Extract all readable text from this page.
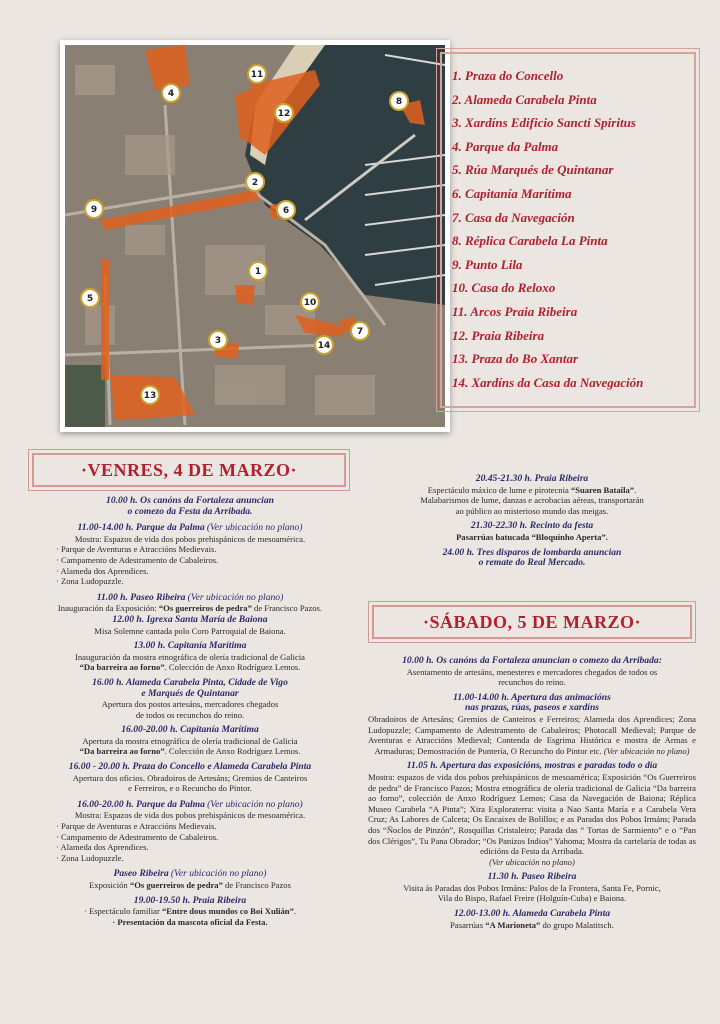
1
2
3
4
5
6
7
8
9
10
11
12
13
14
1. Praza do Concello
2. Alameda Carabela Pinta
3. Xardíns Edificio Sancti Spiritus
4. Parque da Palma
5. Rúa Marqués de Quintanar
6. Capitanía Marítima
7. Casa da Navegación
8. Réplica Carabela La Pinta
9. Punto Lila
10. Casa do Reloxo
11. Arcos Praia Ribeira
12. Praia Ribeira
13. Praza do Bo Xantar
14. Xardíns da Casa da Navegación
·VENRES, 4 DE MARZO·
10.00 h. Os canóns da Fortaleza anuncian
o comezo da Festa da Arribada.
11.00-14.00 h. Parque da Palma (Ver ubicación no plano)
Mostra: Espazos de vida dos pobos prehispánicos de mesoamérica.
· Parque de Aventuras e Atraccións Medievais.
· Campamento de Adestramento de Cabaleiros.
· Alameda dos Aprendices.
· Zona Ludopuzzle.
11.00 h. Paseo Ribeira (Ver ubicación no plano)
Inauguración da Exposición: “Os guerreiros de pedra” de Francisco Pazos.
12.00 h. Igrexa Santa María de Baiona
Misa Solemne cantada polo Coro Parroquial de Baiona.
13.00 h. Capitanía Marítima
Inauguración da mostra etnográfica de olería tradicional de Galicia
“Da barreira ao forno”. Colección de Anxo Rodríguez Lemos.
16.00 h. Alameda Carabela Pinta, Cidade de Vigo
e Marqués de Quintanar
Apertura dos postos artesáns, mercadores chegados
de todos os recunchos do reino.
16.00-20.00 h. Capitanía Marítima
Apertura da mostra etnográfica de olería tradicional de Galicia
“Da barreira ao forno”. Colección de Anxo Rodríguez Lemos.
16.00 - 20.00 h. Praza do Concello e Alameda Carabela Pinta
Apertura dos oficios. Obradoiros de Artesáns; Gremios de Canteiros
e Ferreiros, e o Recuncho do Pintor.
16.00-20.00 h. Parque da Palma (Ver ubicación no plano)
Mostra: Espazos de vida dos pobos prehispánicos de mesoamérica.
· Parque de Aventuras e Atraccións Medievais.
· Campamento de Adestramento de Cabaleiros.
· Alameda dos Aprendices.
· Zona Ludopuzzle.
Paseo Ribeira (Ver ubicación no plano)
Exposición “Os guerreiros de pedra” de Francisco Pazos
19.00-19.50 h. Praia Ribeira
· Espectáculo familiar “Entre dous mundos co Boi Xulián”.
· Presentación da mascota oficial da Festa.
20.45-21.30 h. Praia Ribeira
Espectáculo máxico de lume e pirotecnia “Suaren Bataila”.
Malabarismos de lume, danzas e acrobacias aéreas, transportarán
ao público ao misterioso mundo das meigas.
21.30-22.30 h. Recinto da festa
Pasarrúas batucada “Bloquinho Aperta”.
24.00 h. Tres disparos de lombarda anuncian
o remate do Real Mercado.
·SÁBADO, 5 DE MARZO·
10.00 h. Os canóns da Fortaleza anuncian o comezo da Arribada:
Asentamento de artesáns, menesteres e mercadores chegados de todos os recunchos do reino.
11.00-14.00 h. Apertura das animacións
nas prazas, rúas, paseos e xardíns
Obradoiros de Artesáns; Gremios de Canteiros e Ferreiros; Alameda dos Aprendices; Zona Ludopuzzle; Campamento de Adestramento de Cabaleiros; Photocall Medieval; Parque de Aventuras e Atraccións Medieval; Contenda de Esgrima Histórica e mostra de Armas e Armaduras; Demostración de Puntería, O Recuncho do Pintor etc. (Ver ubicación no plano)
11.05 h. Apertura das exposicións, mostras e paradas todo o día
Mostra: espazos de vida dos pobos prehispánicos de mesoamérica; Exposición “Os Guerreiros de pedra” de Francisco Pazos; Mostra etnográfica de olería tradicional de Galicia “Da barreira ao forno”, colección de Anxo Rodríguez Lemos; Casa da Navegación de Baiona; Réplica Museo Carabela “A Pinta”; Xira Exploraterra: visita a Nao Santa María e a Carabela Vera Cruz; As Labores de Calceta; Os Encaixes de Bolillos; e as Paradas dos Pobos Irmáns; Parada dos “Ñoclos de Pinzón”, Rosquillas Cristaleiro; Parada das “ Tortas de Sarmiento” e o “Pan dos Clérigos”, Tu Pana Obrador; “Os Panizos Indios” Yahoma; Mostra da cartelaría de todas as edicións da Festa da Arribada.
(Ver ubicación no plano)
11.30 h. Paseo Ribeira
Visita ás Paradas dos Pobos Irmáns: Palos de la Frontera, Santa Fe, Pornic,
Vila do Bispo, Rafael Freire (Holguín-Cuba) e Baiona.
12.00-13.00 h. Alameda Carabela Pinta
Pasarrúas “A Marioneta” do grupo Malatitsch.
